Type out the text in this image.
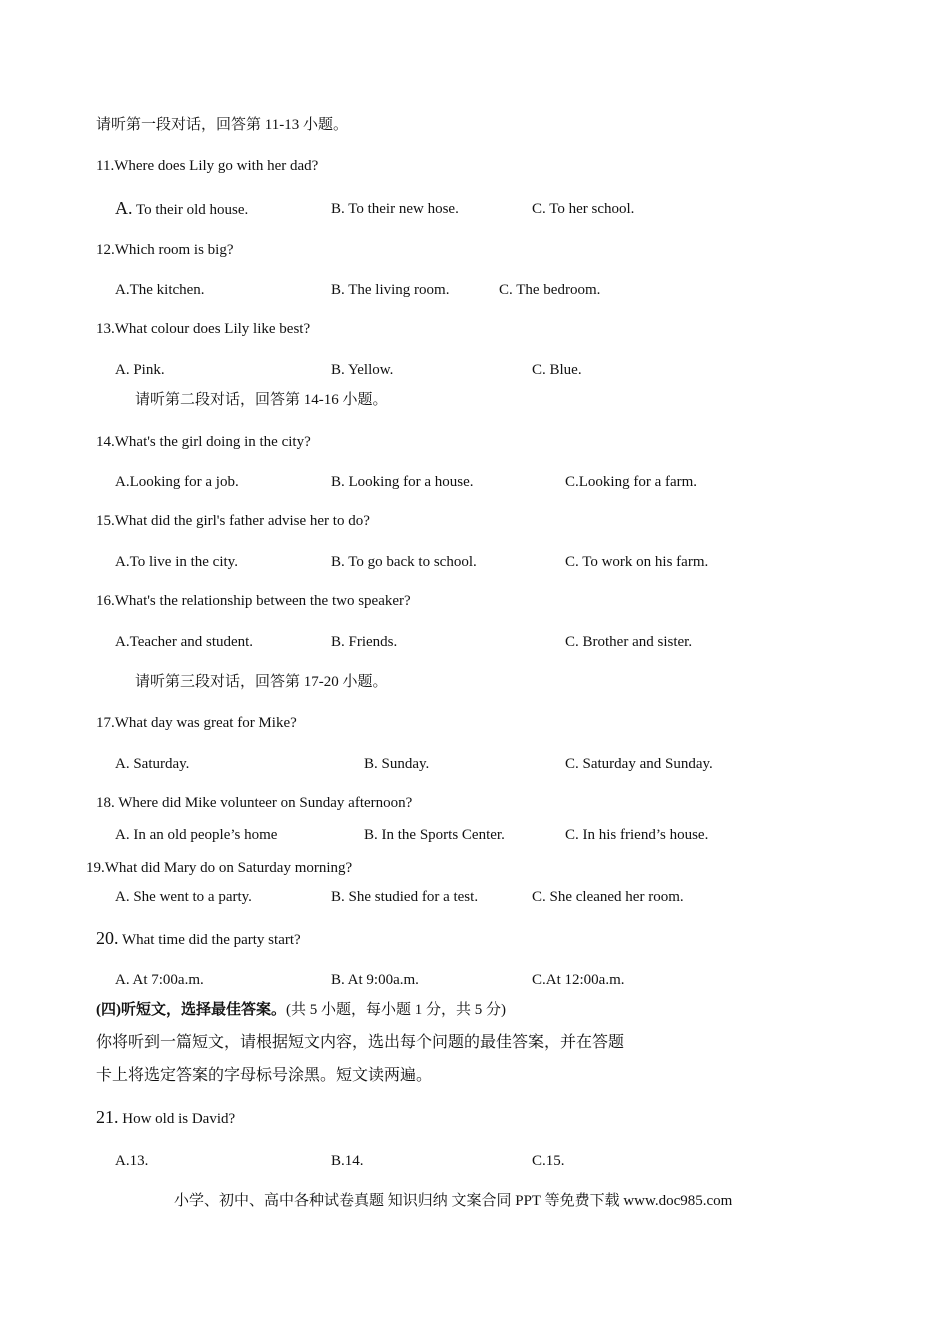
请听第一段对话，回答第 11-13 小题。
11.Where does Lily go with her dad?
A. To their old house.	B. To their new hose.	C. To her school.
12.Which room is big?
A.The kitchen.	B. The living room.	C. The bedroom.
13.What colour does Lily like best?
A. Pink.	B. Yellow.	C. Blue.
请听第二段对话，回答第 14-16 小题。
14.What's the girl doing in the city?
A.Looking for a job.	B. Looking for a house.	C.Looking for a farm.
15.What did the girl's father advise her to do?
A.To live in the city.	B. To go back to school.	C. To work on his farm.
16.What's the relationship between the two speaker?
A.Teacher and student.	B. Friends.	C. Brother and sister.
请听第三段对话，回答第 17-20 小题。
17.What day was great for Mike?
A. Saturday.	B. Sunday.	C. Saturday and Sunday.
18. Where did Mike volunteer on Sunday afternoon?
A. In an old people’s home	B. In the Sports Center.	C. In his friend’s house.
19.What did Mary do on Saturday morning?
A. She went to a party.	B. She studied for a test.	C. She cleaned her room.
20. What time did the party start?
A. At 7:00a.m.	B. At 9:00a.m.	C.At 12:00a.m.
(四)听短文，选择最佳答案。(共 5 小题，每小题 1 分，共 5 分)
你将听到一篇短文，请根据短文内容，选出每个问题的最佳答案，并在答题
卡上将选定答案的字母标号涂黑。短文读两遍。
21. How old is David?
A.13.	B.14.	C.15.
小学、初中、高中各种试卷真题 知识归纳 文案合同 PPT 等免费下载 www.doc985.com
